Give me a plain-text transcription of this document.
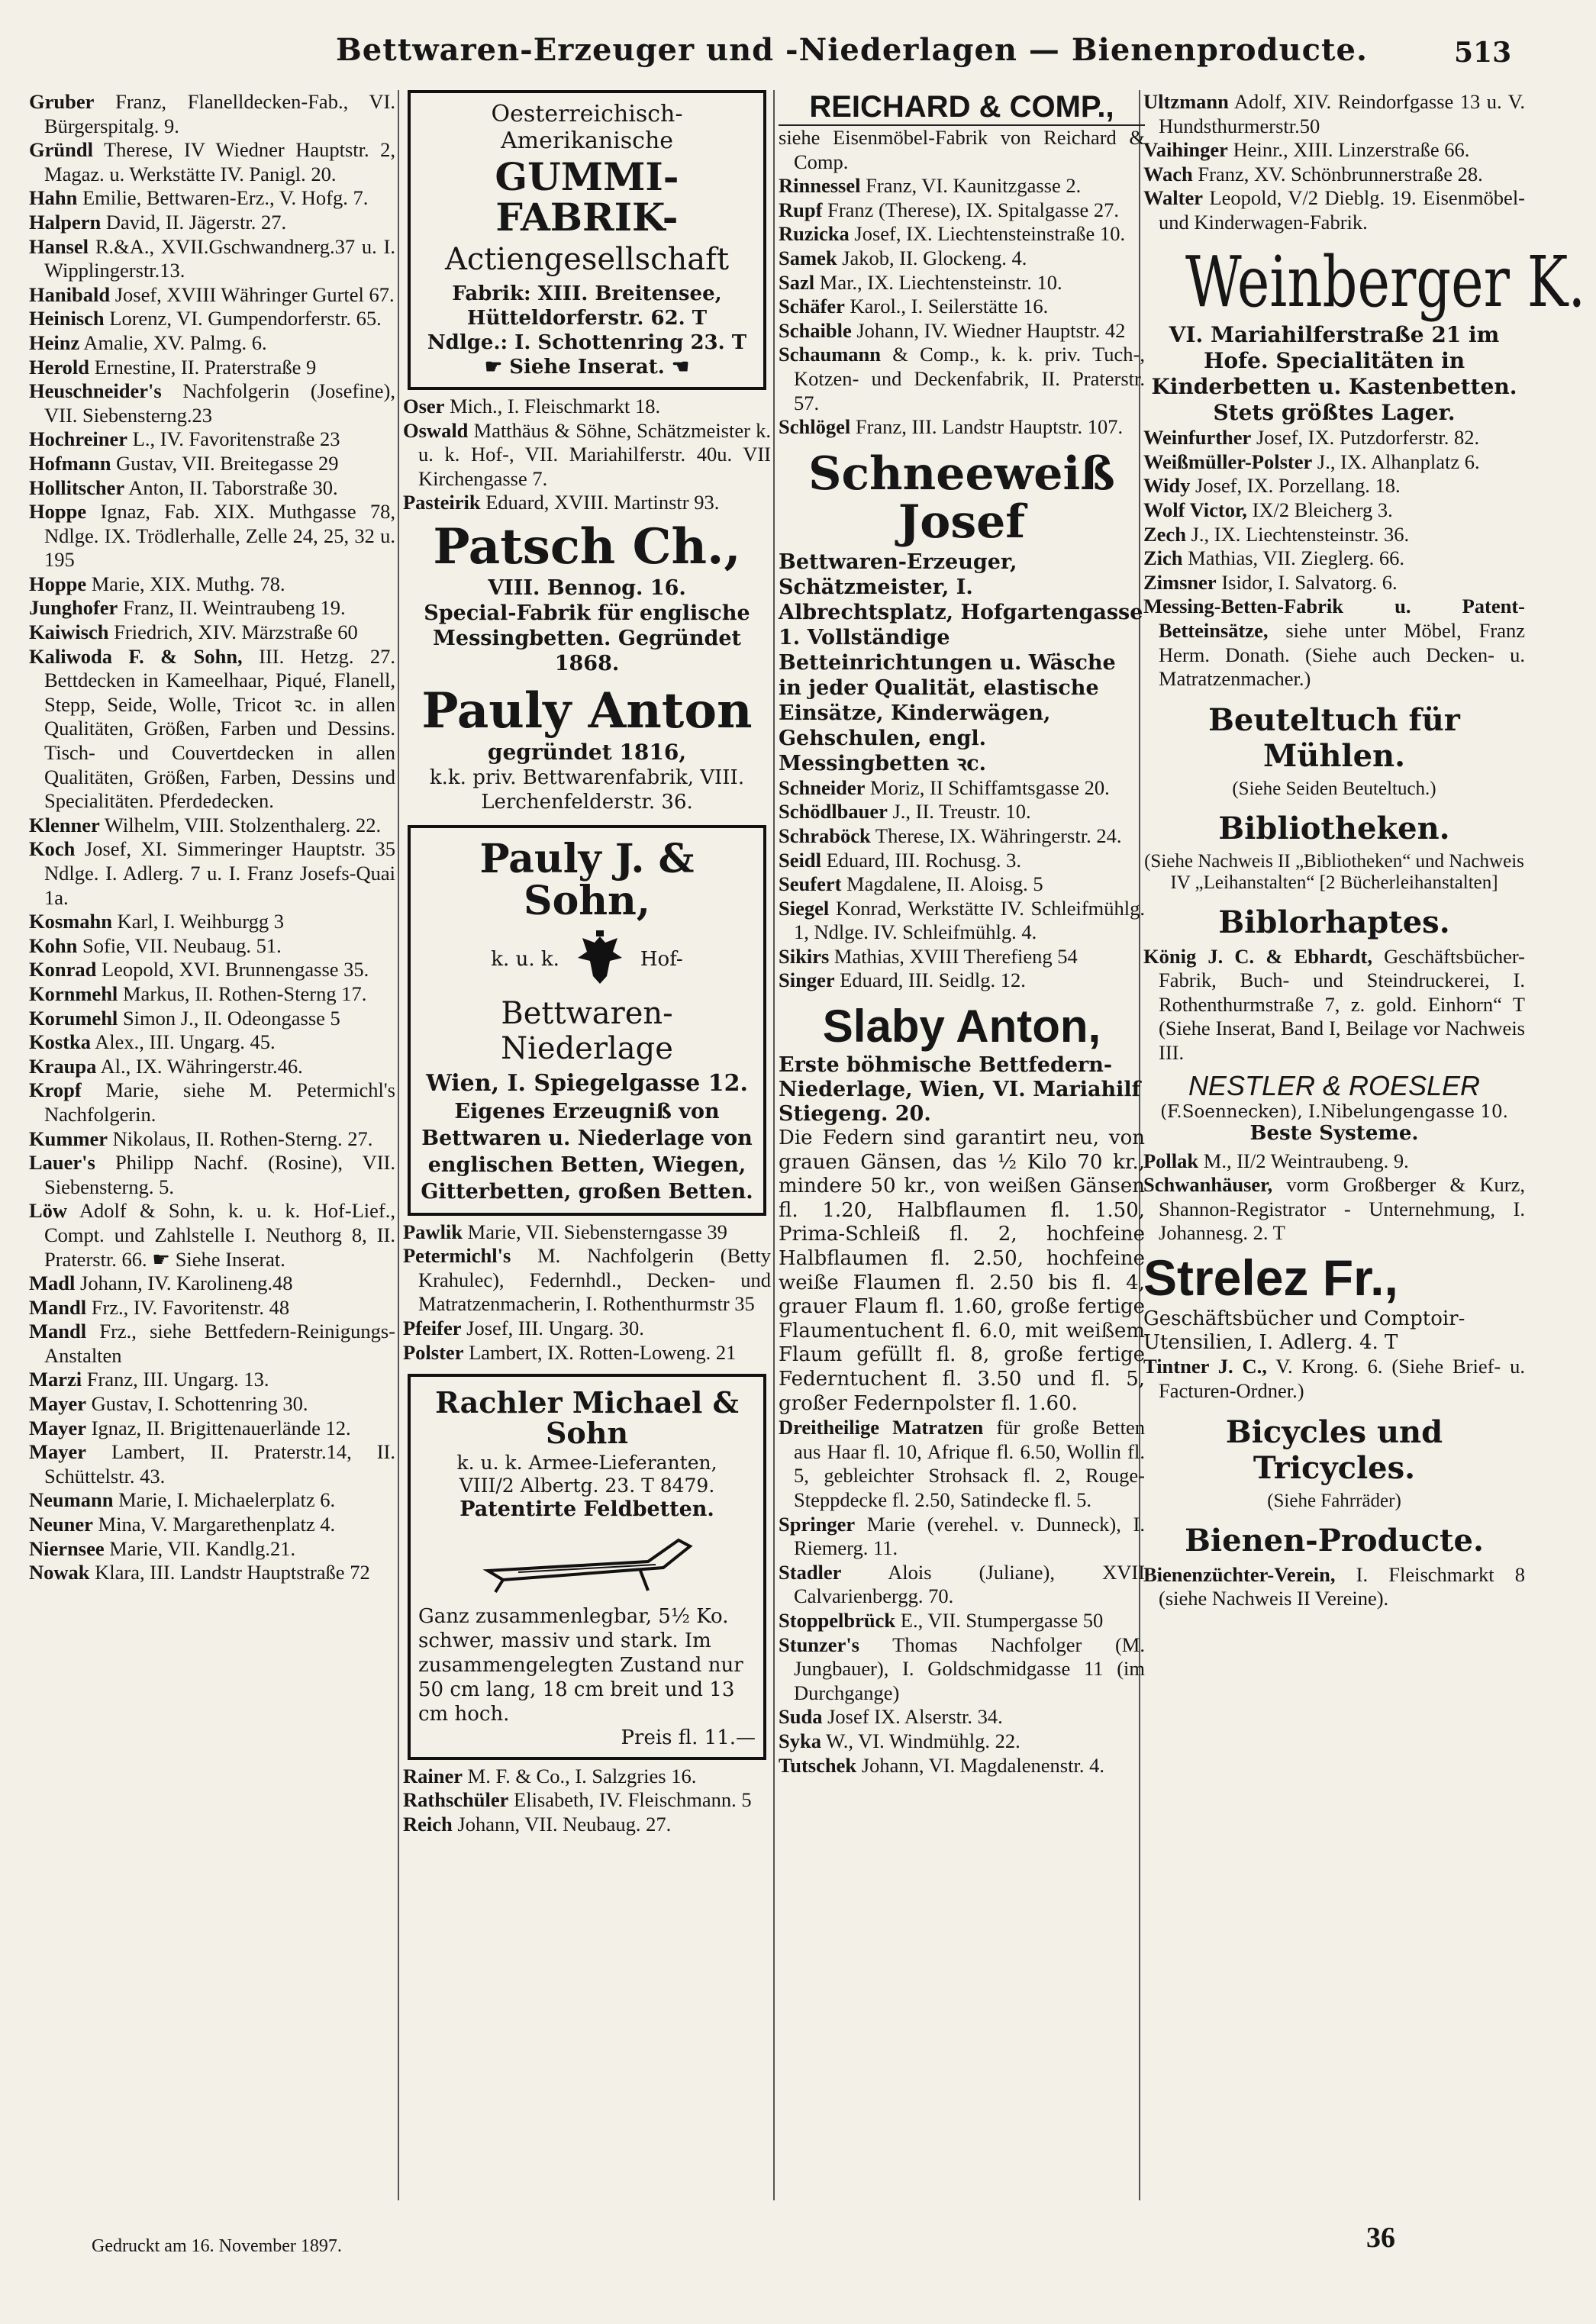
Bettwaren-Erzeuger und -Niederlagen — Bienenproducte.	513

Gruber Franz, Flanelldecken-Fab., VI. Bürgerspitalg. 9.

Gründl Therese, IV Wiedner Hauptstr. 2, Magaz. u. Werkstätte IV. Panigl. 20.

Hahn Emilie, Bettwaren-Erz., V. Hofg. 7.

Halpern David, II. Jägerstr. 27.

Hansel R.&A., XVII.Gschwandnerg.37 u. I. Wipplingerstr.13.

Hanibald Josef, XVIII Währinger Gurtel 67.

Heinisch Lorenz, VI. Gumpendorferstr. 65.

Heinz Amalie, XV. Palmg. 6.

Herold Ernestine, II. Praterstraße 9

Heuschneider's Nachfolgerin (Josefine), VII. Siebensterng.23

Hochreiner L., IV. Favoritenstraße 23

Hofmann Gustav, VII. Breitegasse 29

Hollitscher Anton, II. Taborstraße 30.

Hoppe Ignaz, Fab. XIX. Muthgasse 78, Ndlge. IX. Trödlerhalle, Zelle 24, 25, 32 u. 195

Hoppe Marie, XIX. Muthg. 78.

Junghofer Franz, II. Weintraubeng 19.

Kaiwisch Friedrich, XIV. Märzstraße 60

Kaliwoda F. & Sohn, III. Hetzg. 27. Bettdecken in Kameelhaar, Piqué, Flanell, Stepp, Seide, Wolle, Tricot ꝛc. in allen Qualitäten, Größen, Farben und Dessins. Tisch- und Couvertdecken in allen Qualitäten, Größen, Farben, Dessins und Specialitäten. Pferdedecken.

Klenner Wilhelm, VIII. Stolzenthalerg. 22.

Koch Josef, XI. Simmeringer Hauptstr. 35 Ndlge. I. Adlerg. 7 u. I. Franz Josefs-Quai 1a.

Kosmahn Karl, I. Weihburgg 3

Kohn Sofie, VII. Neubaug. 51.

Konrad Leopold, XVI. Brunnengasse 35.

Kornmehl Markus, II. Rothen-Sterng 17.

Korumehl Simon J., II. Odeongasse 5

Kostka Alex., III. Ungarg. 45.

Kraupa Al., IX. Währingerstr.46.

Kropf Marie, siehe M. Petermichl's Nachfolgerin.

Kummer Nikolaus, II. Rothen-Sterng. 27.

Lauer's Philipp Nachf. (Rosine), VII. Siebensterng. 5.

Löw Adolf & Sohn, k. u. k. Hof-Lief., Compt. und Zahlstelle I. Neuthorg 8, II. Praterstr. 66. ☛ Siehe Inserat.

Madl Johann, IV. Karolineng.48

Mandl Frz., IV. Favoritenstr. 48

Mandl Frz., siehe Bettfedern-Reinigungs-Anstalten

Marzi Franz, III. Ungarg. 13.

Mayer Gustav, I. Schottenring 30.

Mayer Ignaz, II. Brigittenauerlände 12.

Mayer Lambert, II. Praterstr.14, II. Schüttelstr. 43.

Neumann Marie, I. Michaelerplatz 6.

Neuner Mina, V. Margarethenplatz 4.

Niernsee Marie, VII. Kandlg.21.

Nowak Klara, III. Landstr Hauptstraße 72

Oesterreichisch-Amerikanische
GUMMI-FABRIK-
Actiengesellschaft
Fabrik: XIII. Breitensee, Hütteldorferstr. 62. T
Ndlge.: I. Schottenring 23. T
☛ Siehe Inserat. ☚

Oser Mich., I. Fleischmarkt 18.

Oswald Matthäus & Söhne, Schätzmeister k. u. k. Hof-, VII. Mariahilferstr. 40u. VII Kirchengasse 7.

Pasteirik Eduard, XVIII. Martinstr 93.

Patsch Ch.,
VIII. Bennog. 16.
Special-Fabrik für englische Messingbetten. Gegründet 1868.
Pauly Anton
gegründet 1816,
k.k. priv. Bettwarenfabrik, VIII. Lerchenfelderstr. 36.
Pauly J. & Sohn,
k. u. k.	Hof-
Bettwaren-Niederlage
Wien, I. Spiegelgasse 12.
Eigenes Erzeugniß von Bettwaren u. Niederlage von englischen Betten, Wiegen, Gitterbetten, großen Betten.

Pawlik Marie, VII. Siebensterngasse 39

Petermichl's M. Nachfolgerin (Betty Krahulec), Federnhdl., Decken- und Matratzenmacherin, I. Rothenthurmstr 35

Pfeifer Josef, III. Ungarg. 30.

Polster Lambert, IX. Rotten-Loweng. 21

Rachler Michael & Sohn
k. u. k. Armee-Lieferanten,
VIII/2 Albertg. 23. T 8479.
Patentirte Feldbetten.
Ganz zusammenlegbar, 5½ Ko. schwer, massiv und stark. Im zusammengelegten Zustand nur 50 cm lang, 18 cm breit und 13 cm hoch.
Preis fl. 11.—

Rainer M. F. & Co., I. Salzgries 16.

Rathschüler Elisabeth, IV. Fleischmann. 5

Reich Johann, VII. Neubaug. 27.

REICHARD & COMP.,

siehe Eisenmöbel-Fabrik von Reichard & Comp.

Rinnessel Franz, VI. Kaunitzgasse 2.

Rupf Franz (Therese), IX. Spitalgasse 27.

Ruzicka Josef, IX. Liechtensteinstraße 10.

Samek Jakob, II. Glockeng. 4.

Sazl Mar., IX. Liechtensteinstr. 10.

Schäfer Karol., I. Seilerstätte 16.

Schaible Johann, IV. Wiedner Hauptstr. 42

Schaumann & Comp., k. k. priv. Tuch-, Kotzen- und Deckenfabrik, II. Praterstr. 57.

Schlögel Franz, III. Landstr Hauptstr. 107.

Schneeweiß Josef
Bettwaren-Erzeuger, Schätzmeister, I. Albrechtsplatz, Hofgartengasse 1. Vollständige Betteinrichtungen u. Wäsche in jeder Qualität, elastische Einsätze, Kinderwägen, Gehschulen, engl. Messingbetten ꝛc.

Schneider Moriz, II Schiffamtsgasse 20.

Schödlbauer J., II. Treustr. 10.

Schraböck Therese, IX. Währingerstr. 24.

Seidl Eduard, III. Rochusg. 3.

Seufert Magdalene, II. Aloisg. 5

Siegel Konrad, Werkstätte IV. Schleifmühlg. 1, Ndlge. IV. Schleifmühlg. 4.

Sikirs Mathias, XVIII Therefieng 54

Singer Eduard, III. Seidlg. 12.

Slaby Anton,
Erste böhmische Bettfedern-Niederlage, Wien, VI. Mariahilf Stiegeng. 20.
Die Federn sind garantirt neu, von grauen Gänsen, das ½ Kilo 70 kr., mindere 50 kr., von weißen Gänsen fl. 1.20, Halbflaumen fl. 1.50, Prima-Schleiß fl. 2, hochfeine Halbflaumen fl. 2.50, hochfeine weiße Flaumen fl. 2.50 bis fl. 4, grauer Flaum fl. 1.60, große fertige Flaumentuchent fl. 6.0, mit weißem Flaum gefüllt fl. 8, große fertige Federntuchent fl. 3.50 und fl. 5, großer Federnpolster fl. 1.60.

Dreitheilige Matratzen für große Betten aus Haar fl. 10, Afrique fl. 6.50, Wollin fl. 5, gebleichter Strohsack fl. 2, Rouge-Steppdecke fl. 2.50, Satindecke fl. 5.

Springer Marie (verehel. v. Dunneck), I. Riemerg. 11.

Stadler Alois (Juliane), XVII Calvarienbergg. 70.

Stoppelbrück E., VII. Stumpergasse 50

Stunzer's Thomas Nachfolger (M. Jungbauer), I. Goldschmidgasse 11 (im Durchgange)

Suda Josef IX. Alserstr. 34.

Syka W., VI. Windmühlg. 22.

Tutschek Johann, VI. Magdalenenstr. 4.

Ultzmann Adolf, XIV. Reindorfgasse 13 u. V. Hundsthurmerstr.50

Vaihinger Heinr., XIII. Linzerstraße 66.

Wach Franz, XV. Schönbrunnerstraße 28.

Walter Leopold, V/2 Dieblg. 19. Eisenmöbel- und Kinderwagen-Fabrik.

Weinberger K.
VI. Mariahilferstraße 21 im Hofe. Specialitäten in Kinderbetten u. Kastenbetten.
Stets größtes Lager.

Weinfurther Josef, IX. Putzdorferstr. 82.

Weißmüller-Polster J., IX. Alhanplatz 6.

Widy Josef, IX. Porzellang. 18.

Wolf Victor, IX/2 Bleicherg 3.

Zech J., IX. Liechtensteinstr. 36.

Zich Mathias, VII. Zieglerg. 66.

Zimsner Isidor, I. Salvatorg. 6.

Messing-Betten-Fabrik u. Patent-Betteinsätze, siehe unter Möbel, Franz Herm. Donath. (Siehe auch Decken- u. Matratzenmacher.)

Beuteltuch für Mühlen.
(Siehe Seiden Beuteltuch.)
Bibliotheken.
(Siehe Nachweis II „Bibliotheken“ und Nachweis IV „Leihanstalten“ [2 Bücherleihanstalten]
Biblorhaptes.

König J. C. & Ebhardt, Geschäftsbücher-Fabrik, Buch- und Steindruckerei, I. Rothenthurmstraße 7, z. gold. Einhorn“ T (Siehe Inserat, Band I, Beilage vor Nachweis III.

NESTLER & ROESLER
(F.Soennecken), I.Nibelungengasse 10.
Beste Systeme.

Pollak M., II/2 Weintraubeng. 9.

Schwanhäuser, vorm Großberger & Kurz, Shannon-Registrator - Unternehmung, I. Johannesg. 2. T

Strelez Fr.,
Geschäftsbücher und Comptoir-Utensilien, I. Adlerg. 4. T

Tintner J. C., V. Krong. 6. (Siehe Brief- u. Facturen-Ordner.)

Bicycles und Tricycles.
(Siehe Fahrräder)
Bienen-Producte.

Bienenzüchter-Verein, I. Fleischmarkt 8 (siehe Nachweis II Vereine).

Gedruckt am 16. November 1897.	36
